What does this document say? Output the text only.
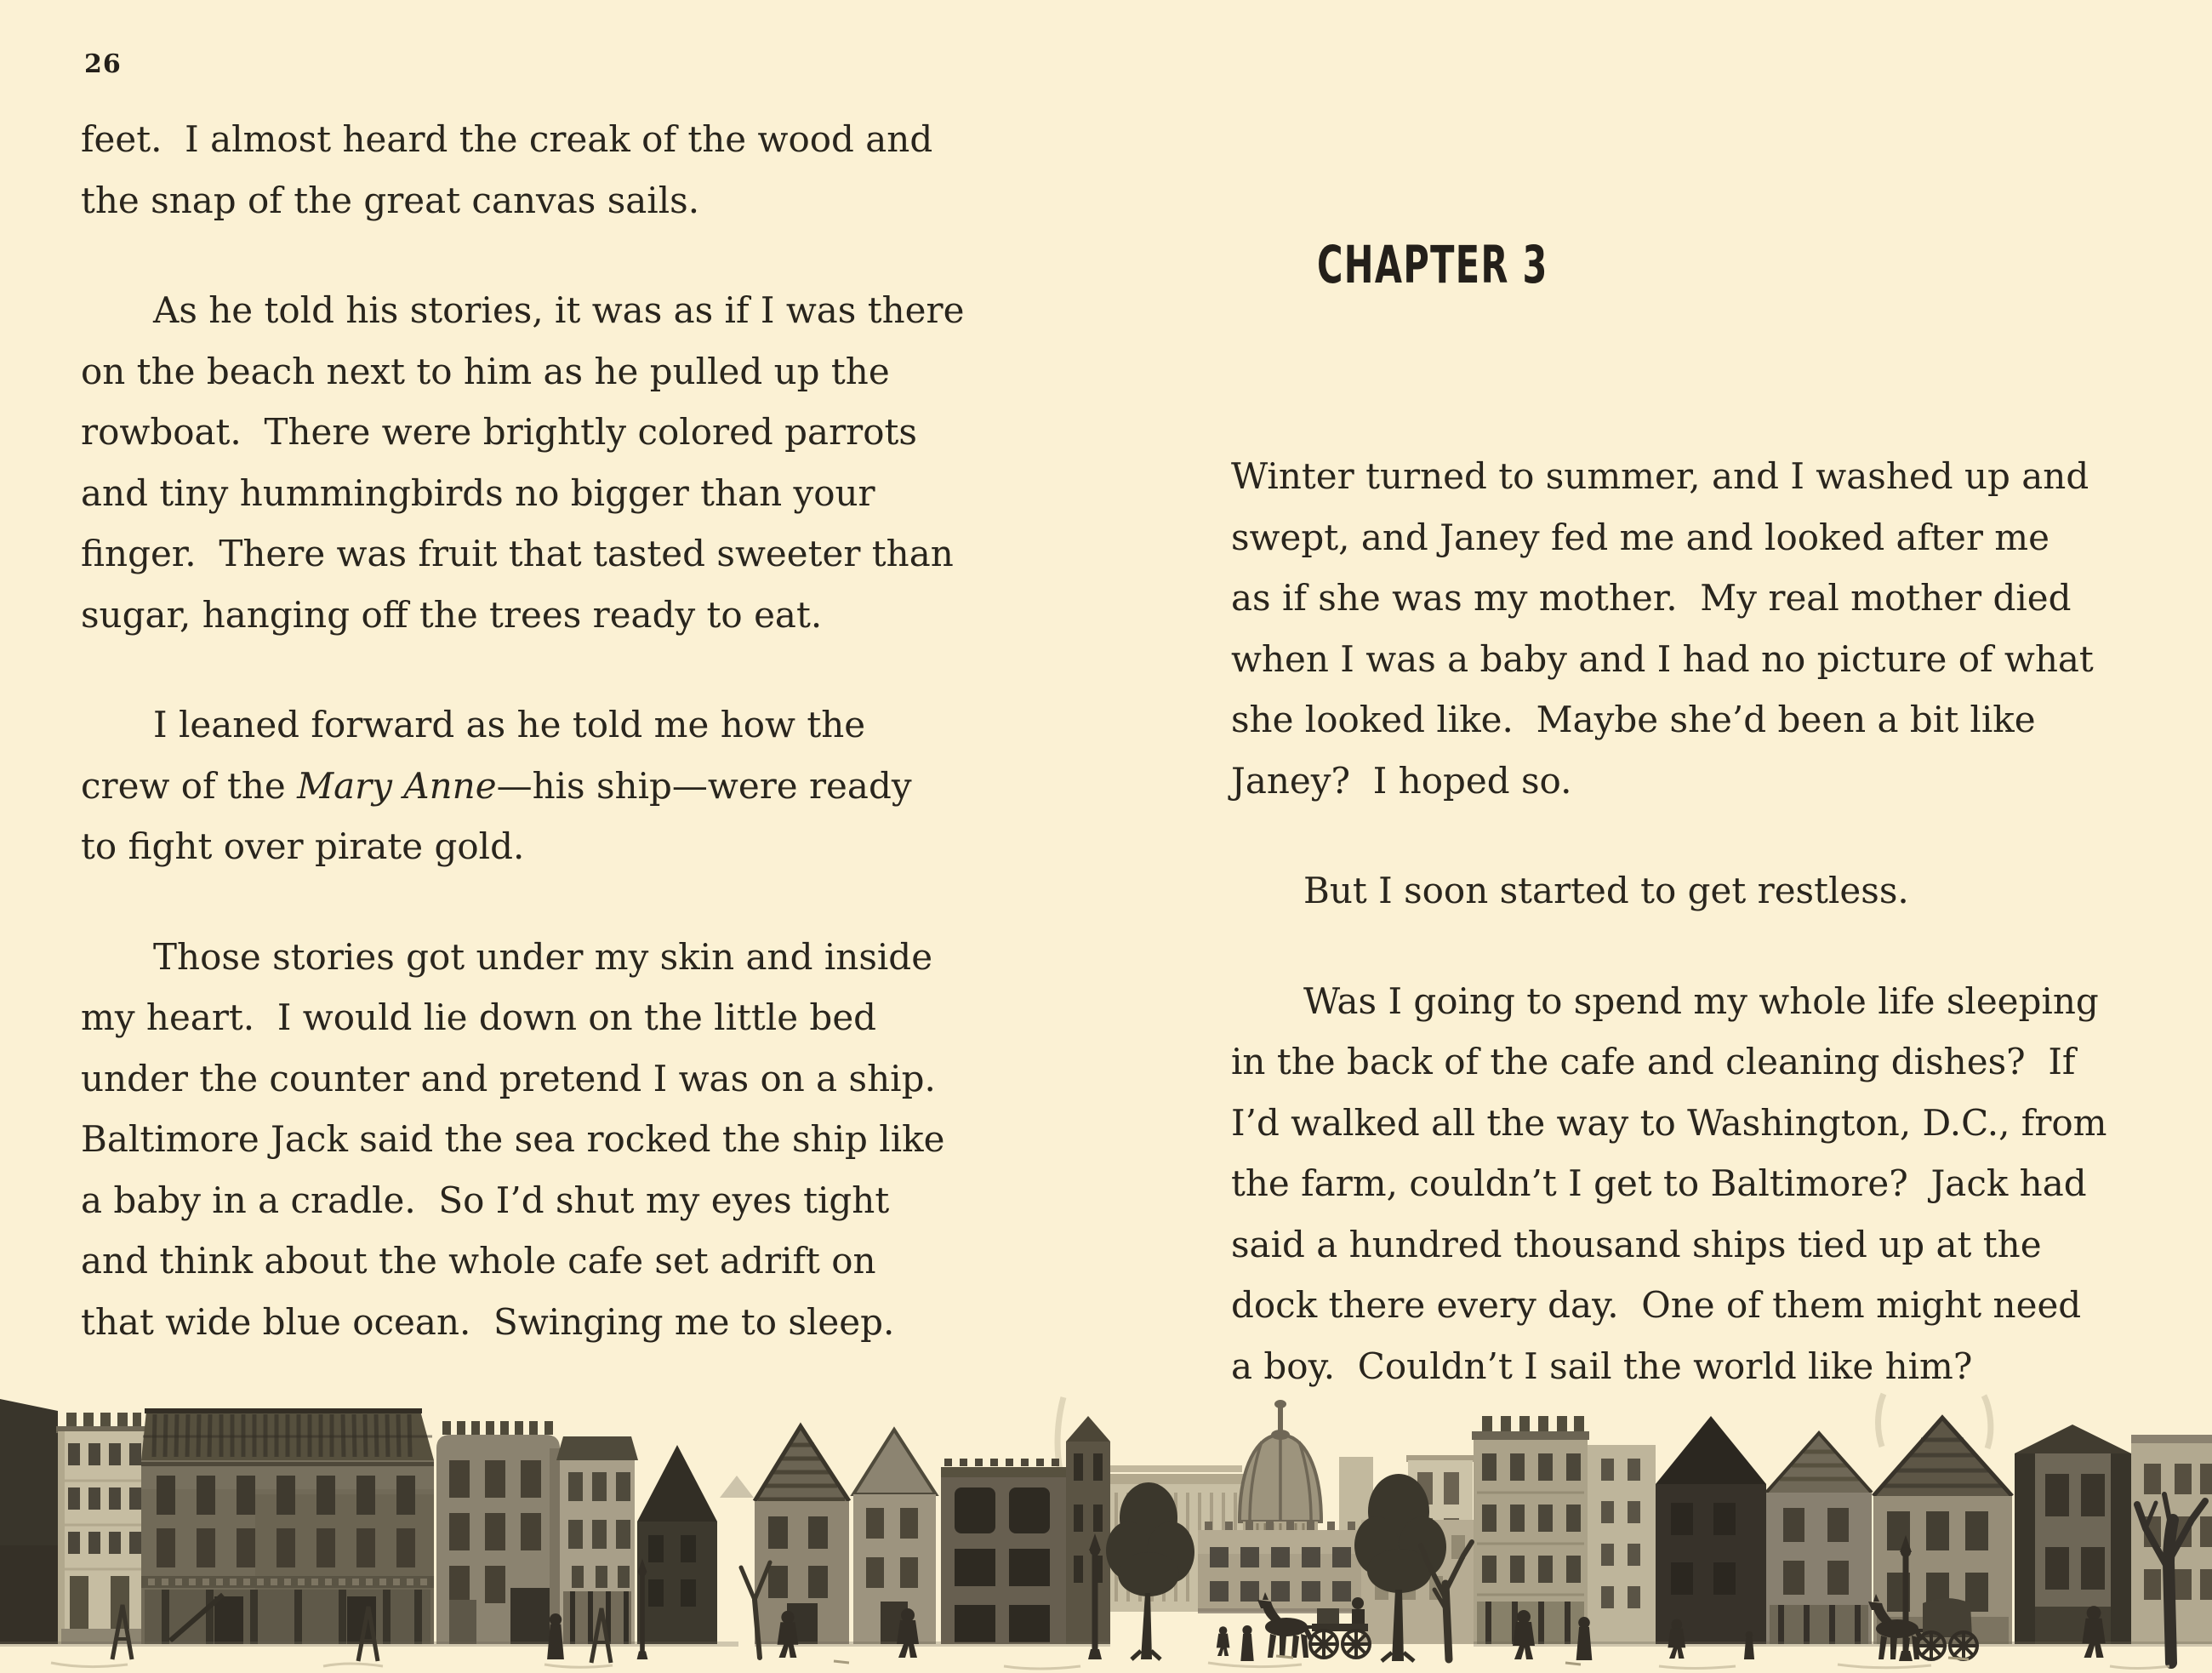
26
feet.  I almost heard the creak of the wood and
the snap of the great canvas sails.
As he told his stories, it was as if I was there
on the beach next to him as he pulled up the
rowboat.  There were brightly colored parrots
and tiny hummingbirds no bigger than your
finger.  There was fruit that tasted sweeter than
sugar, hanging off the trees ready to eat.
I leaned forward as he told me how the
crew of the Mary Anne—his ship—were ready
to fight over pirate gold.
Those stories got under my skin and inside
my heart.  I would lie down on the little bed
under the counter and pretend I was on a ship.
Baltimore Jack said the sea rocked the ship like
a baby in a cradle.  So I’d shut my eyes tight
and think about the whole cafe set adrift on
that wide blue ocean.  Swinging me to sleep.
CHAPTER 3
Winter turned to summer, and I washed up and
swept, and Janey fed me and looked after me
as if she was my mother.  My real mother died
when I was a baby and I had no picture of what
she looked like.  Maybe she’d been a bit like
Janey?  I hoped so.
But I soon started to get restless.
Was I going to spend my whole life sleeping
in the back of the cafe and cleaning dishes?  If
I’d walked all the way to Washington, D.C., from
the farm, couldn’t I get to Baltimore?  Jack had
said a hundred thousand ships tied up at the
dock there every day.  One of them might need
a boy.  Couldn’t I sail the world like him?
